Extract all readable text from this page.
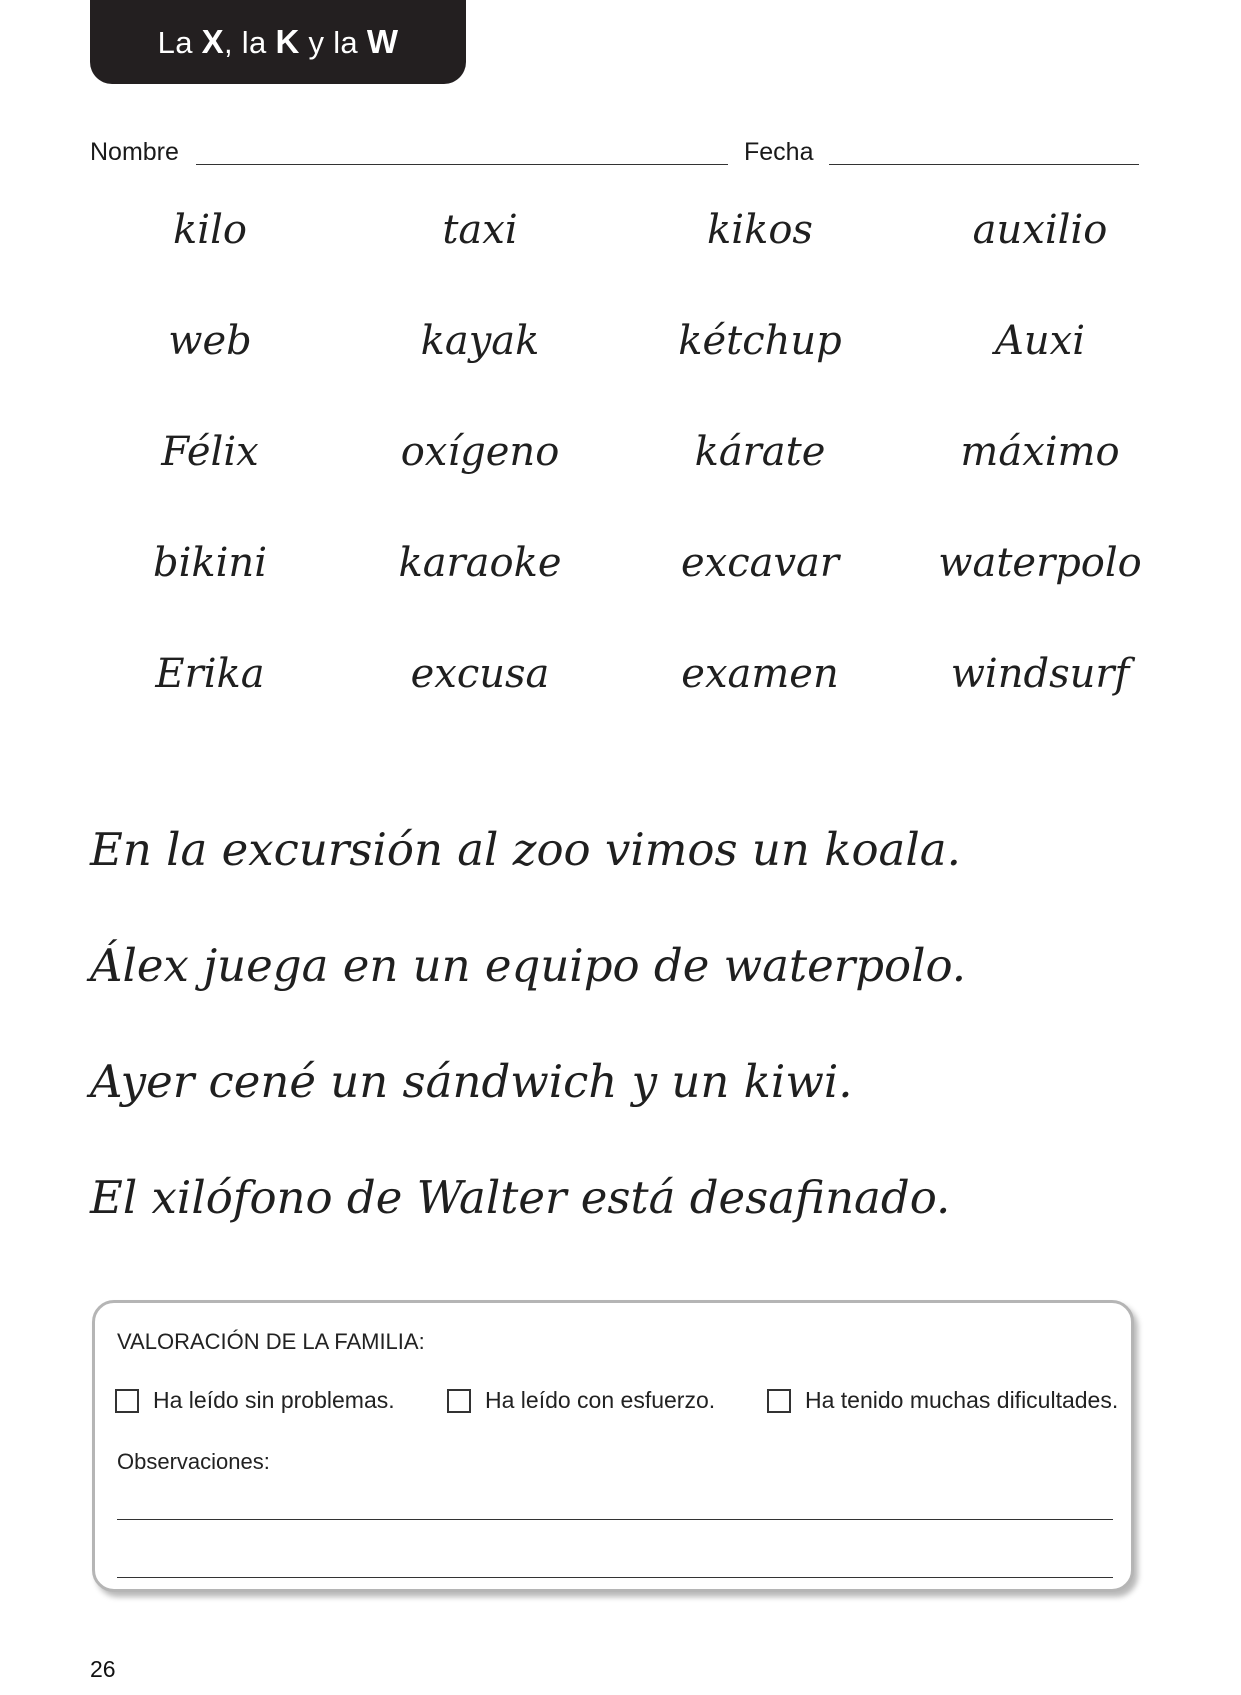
La X, la K y la W
Nombre	Fecha
kilo	taxi	kikos	auxilio
web	kayak	kétchup	Auxi
Félix	oxígeno	kárate	máximo
bikini	karaoke	excavar	waterpolo
Erika	excusa	examen	windsurf
En la excursión al zoo vimos un koala.
Álex juega en un equipo de waterpolo.
Ayer cené un sándwich y un kiwi.
El xilófono de Walter está desafinado.
VALORACIÓN DE LA FAMILIA:
Ha leído sin problemas.	Ha leído con esfuerzo.	Ha tenido muchas dificultades.
Observaciones:
26
